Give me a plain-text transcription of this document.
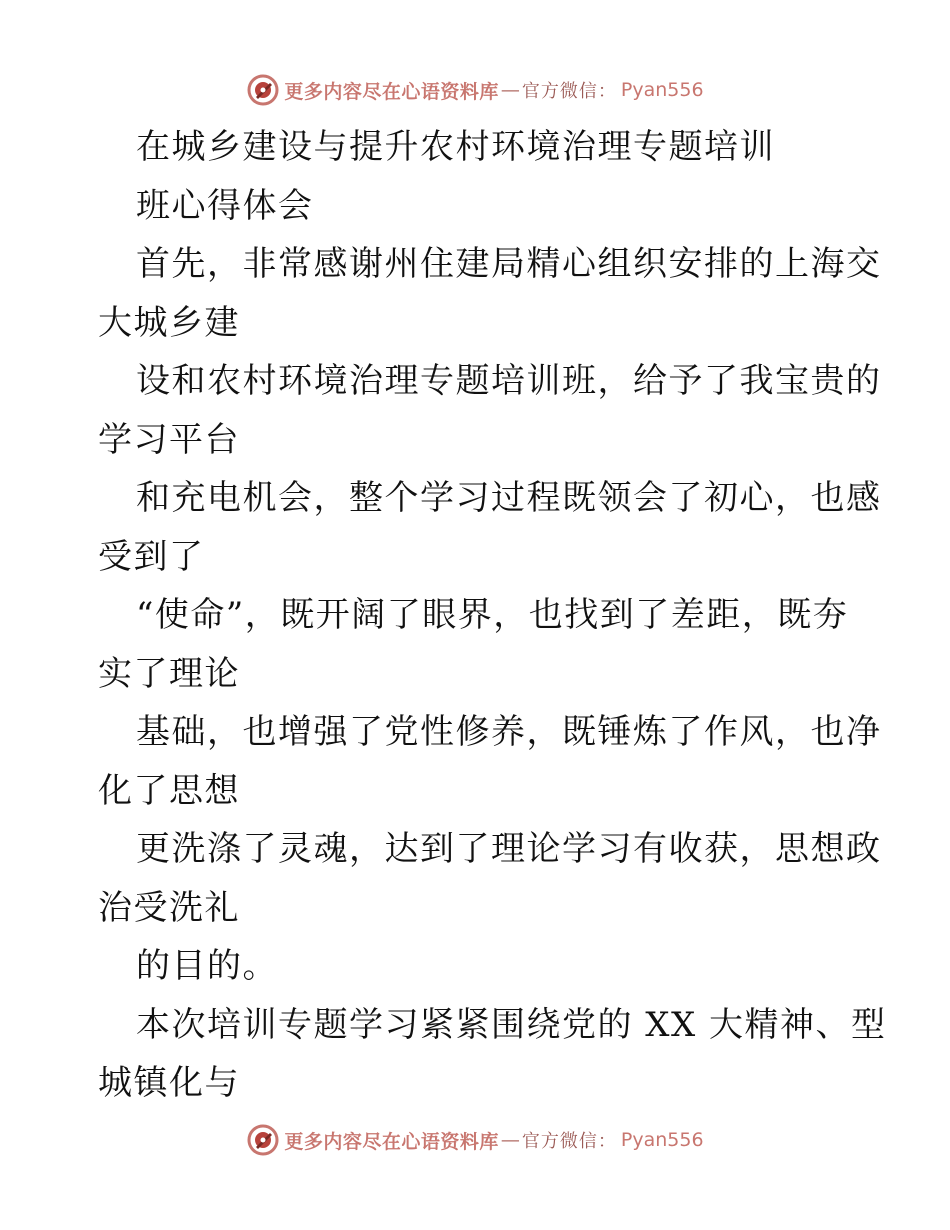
更多内容尽在心语资料库 — 官方微信： Pyan556
在城乡建设与提升农村环境治理专题培训
班心得体会
首先，非常感谢州住建局精心组织安排的上海交
大城乡建
设和农村环境治理专题培训班，给予了我宝贵的
学习平台
和充电机会，整个学习过程既领会了初心，也感
受到了
“使命”，既开阔了眼界，也找到了差距，既夯
实了理论
基础，也增强了党性修养，既锤炼了作风，也净
化了思想
更洗涤了灵魂，达到了理论学习有收获，思想政
治受洗礼
的目的。
本次培训专题学习紧紧围绕党的 XX 大精神、型
城镇化与
更多内容尽在心语资料库 — 官方微信： Pyan556
